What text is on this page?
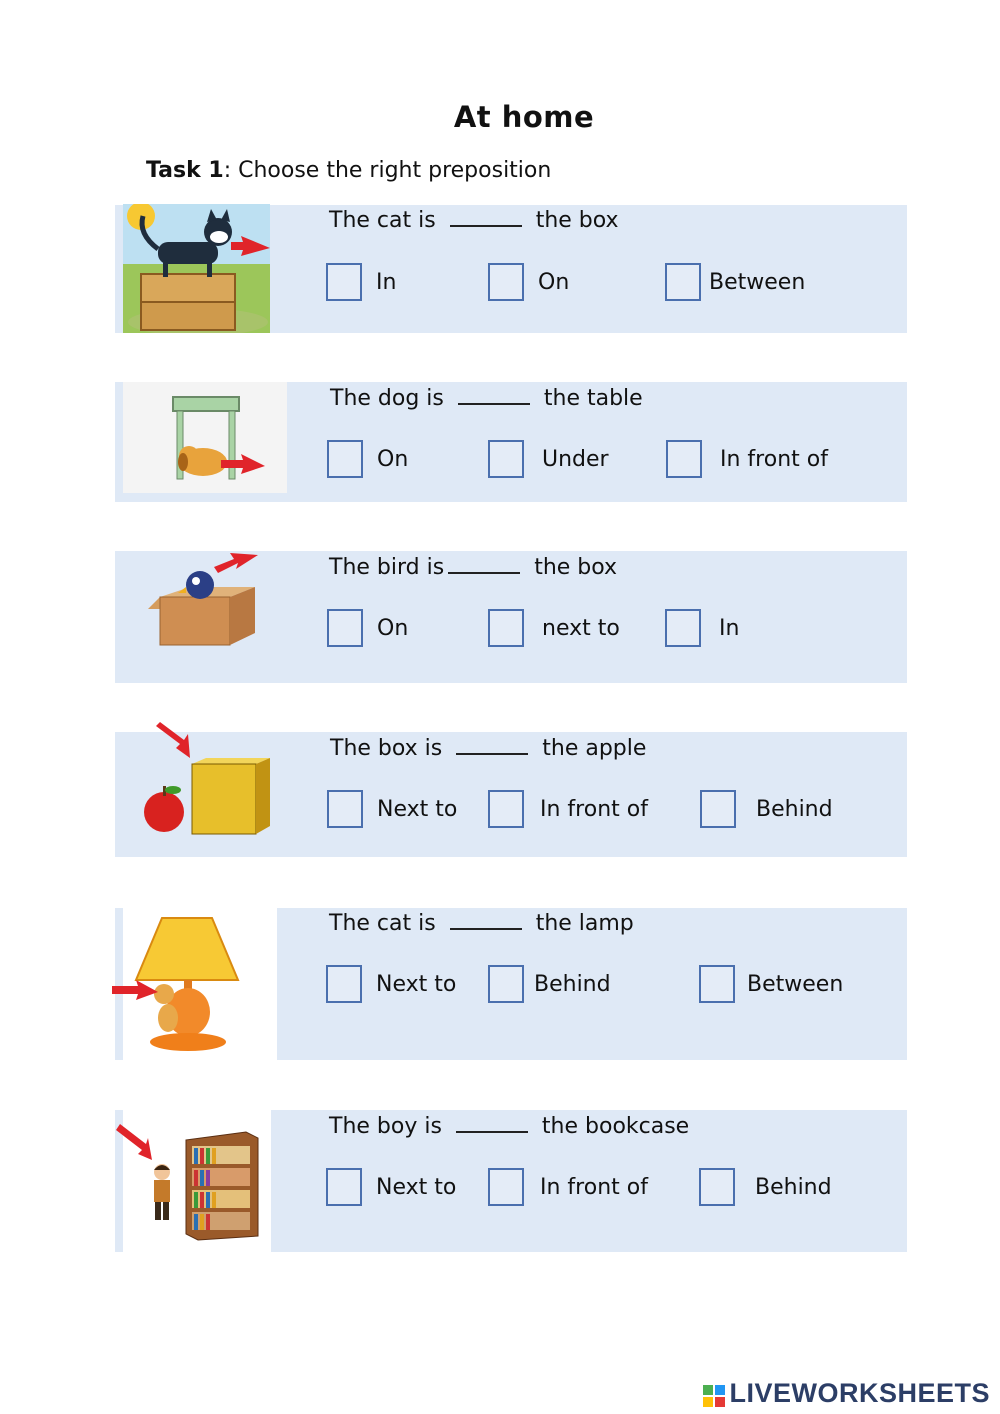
At home
Task 1: Choose the right preposition
The cat is	the box
In	On	Between
The dog is	the table
On	Under	In front of
The bird is	the box
On	next to	In
The box is	the apple
Next to	In front of	Behind
The cat is	the lamp
Next to	Behind	Between
The boy is	the bookcase
Next to	In front of	Behind
LIVEWORKSHEETS
